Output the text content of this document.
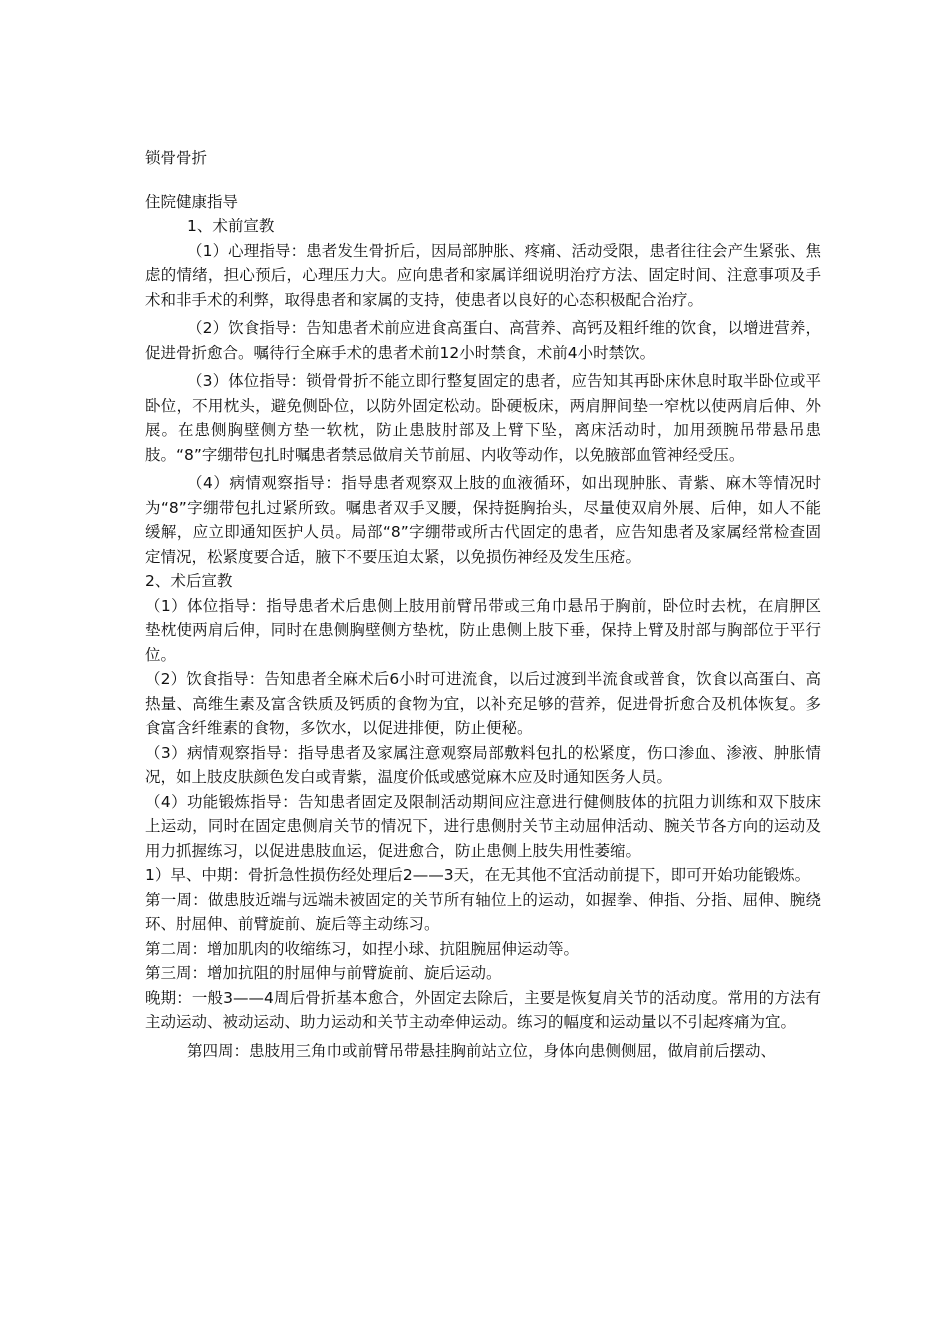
锁骨骨折
住院健康指导

1、术前宣教

（1）心理指导：患者发生骨折后，因局部肿胀、疼痛、活动受限，患者往往会产生紧张、焦虑的情绪，担心预后，心理压力大。应向患者和家属详细说明治疗方法、固定时间、注意事项及手术和非手术的利弊，取得患者和家属的支持，使患者以良好的心态积极配合治疗。

（2）饮食指导：告知患者术前应进食高蛋白、高营养、高钙及粗纤维的饮食，以增进营养，促进骨折愈合。嘱待行全麻手术的患者术前12小时禁食，术前4小时禁饮。

（3）体位指导：锁骨骨折不能立即行整复固定的患者，应告知其再卧床休息时取半卧位或平卧位，不用枕头，避免侧卧位，以防外固定松动。卧硬板床，两肩胛间垫一窄枕以使两肩后伸、外展。在患侧胸壁侧方垫一软枕，防止患肢肘部及上臂下坠，离床活动时，加用颈腕吊带悬吊患肢。“8”字绷带包扎时嘱患者禁忌做肩关节前屈、内收等动作，以免腋部血管神经受压。

（4）病情观察指导：指导患者观察双上肢的血液循环，如出现肿胀、青紫、麻木等情况时为“8”字绷带包扎过紧所致。嘱患者双手叉腰，保持挺胸抬头，尽量使双肩外展、后伸，如人不能缓解，应立即通知医护人员。局部“8”字绷带或所古代固定的患者，应告知患者及家属经常检查固定情况，松紧度要合适，腋下不要压迫太紧，以免损伤神经及发生压疮。

2、术后宣教

（1）体位指导：指导患者术后患侧上肢用前臂吊带或三角巾悬吊于胸前，卧位时去枕，在肩胛区垫枕使两肩后伸，同时在患侧胸壁侧方垫枕，防止患侧上肢下垂，保持上臂及肘部与胸部位于平行位。

（2）饮食指导：告知患者全麻术后6小时可进流食，以后过渡到半流食或普食，饮食以高蛋白、高热量、高维生素及富含铁质及钙质的食物为宜，以补充足够的营养，促进骨折愈合及机体恢复。多食富含纤维素的食物，多饮水，以促进排便，防止便秘。

（3）病情观察指导：指导患者及家属注意观察局部敷料包扎的松紧度，伤口渗血、渗液、肿胀情况，如上肢皮肤颜色发白或青紫，温度价低或感觉麻木应及时通知医务人员。

（4）功能锻炼指导：告知患者固定及限制活动期间应注意进行健侧肢体的抗阻力训练和双下肢床上运动，同时在固定患侧肩关节的情况下，进行患侧肘关节主动屈伸活动、腕关节各方向的运动及用力抓握练习，以促进患肢血运，促进愈合，防止患侧上肢失用性萎缩。

1）早、中期：骨折急性损伤经处理后2——3天，在无其他不宜活动前提下，即可开始功能锻炼。

第一周：做患肢近端与远端未被固定的关节所有轴位上的运动，如握拳、伸指、分指、屈伸、腕绕环、肘屈伸、前臂旋前、旋后等主动练习。

第二周：增加肌肉的收缩练习，如捏小球、抗阻腕屈伸运动等。

第三周：增加抗阻的肘屈伸与前臂旋前、旋后运动。

晚期：一般3——4周后骨折基本愈合，外固定去除后，主要是恢复肩关节的活动度。常用的方法有主动运动、被动运动、助力运动和关节主动牵伸运动。练习的幅度和运动量以不引起疼痛为宜。

第四周：患肢用三角巾或前臂吊带悬挂胸前站立位，身体向患侧侧屈，做肩前后摆动、
